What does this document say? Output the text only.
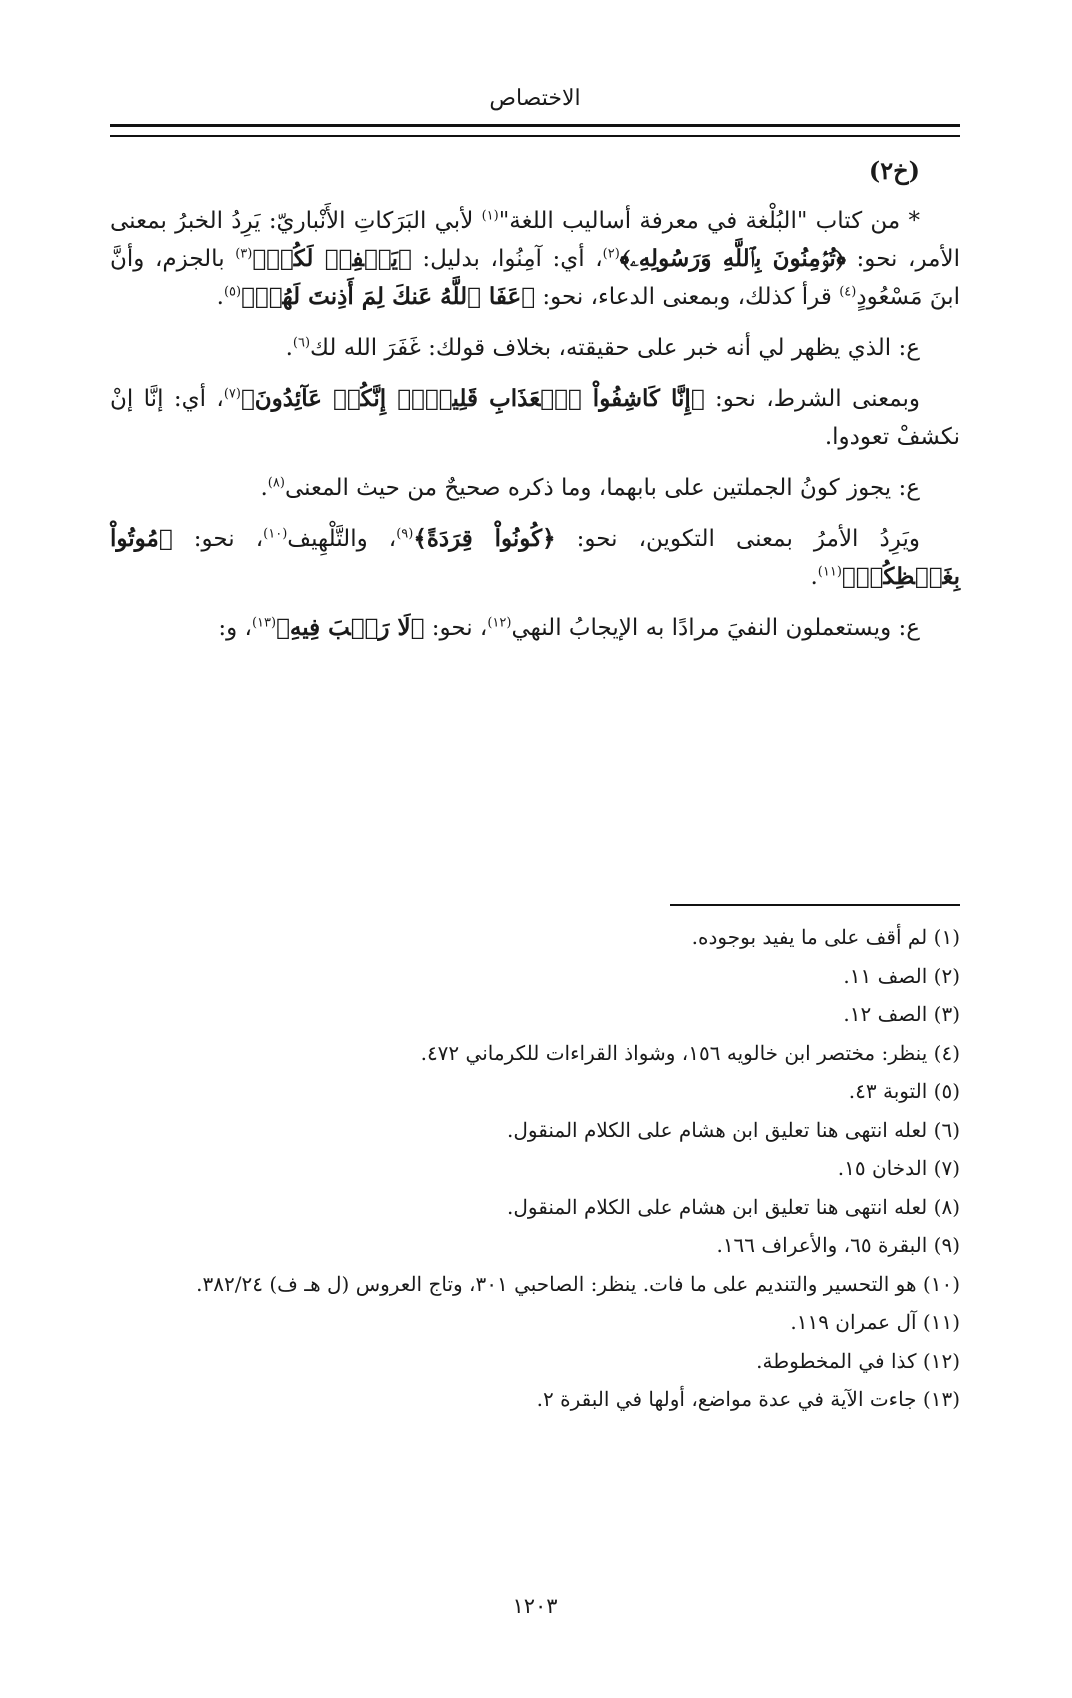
الاختصاص

(خ٢)

* من كتاب "البُلْغة في معرفة أساليب اللغة"$^{(١)}$ لأبي البَرَكاتِ الأَنْباريّ: يَرِدُ الخبرُ بمعنى الأمر، نحو: ﴿تُؤۡمِنُونَ بِٱللَّهِ وَرَسُولِهِۦ﴾$^{(٢)}$، أي: آمِنُوا، بدليل: ﴿يَغۡفِرۡ لَكُمۡ﴾$^{(٣)}$ بالجزم، وأنَّ ابنَ مَسْعُودٍ$^{(٤)}$ قرأ كذلك، وبمعنى الدعاء، نحو: ﴿عَفَا ٱللَّهُ عَنكَ لِمَ أَذِنتَ لَهُمۡ﴾$^{(٥)}$.

ع: الذي يظهر لي أنه خبر على حقيقته، بخلاف قولك: غَفَرَ الله لك$^{(٦)}$.

وبمعنى الشرط، نحو: ﴿إِنَّا كَاشِفُواْ ٱلۡعَذَابِ قَلِيلًاۚ إِنَّكُمۡ عَآئِدُونَ﴾$^{(٧)}$، أي: إنَّا إنْ نكشفْ تعودوا.

ع: يجوز كونُ الجملتين على بابهما، وما ذكره صحيحٌ من حيث المعنى$^{(٨)}$.

ويَرِدُ الأمرُ بمعنى التكوين، نحو: ﴿كُونُواْ قِرَدَةً﴾$^{(٩)}$، والتَّلْهِيف$^{(١٠)}$، نحو: ﴿مُوتُواْ بِغَيۡظِكُمۡ﴾$^{(١١)}$.

ع: ويستعملون النفيَ مرادًا به الإيجابُ النهي$^{(١٢)}$، نحو: ﴿لَا رَيۡبَ فِيهِ﴾$^{(١٣)}$، و:

(١) لم أقف على ما يفيد بوجوده.

(٢) الصف ١١.

(٣) الصف ١٢.

(٤) ينظر: مختصر ابن خالويه ١٥٦، وشواذ القراءات للكرماني ٤٧٢.

(٥) التوبة ٤٣.

(٦) لعله انتهى هنا تعليق ابن هشام على الكلام المنقول.

(٧) الدخان ١٥.

(٨) لعله انتهى هنا تعليق ابن هشام على الكلام المنقول.

(٩) البقرة ٦٥، والأعراف ١٦٦.

(١٠) هو التحسير والتنديم على ما فات. ينظر: الصاحبي ٣٠١، وتاج العروس (ل هـ ف) ٣٨٢/٢٤.

(١١) آل عمران ١١٩.

(١٢) كذا في المخطوطة.

(١٣) جاءت الآية في عدة مواضع، أولها في البقرة ٢.

١٢٠٣
